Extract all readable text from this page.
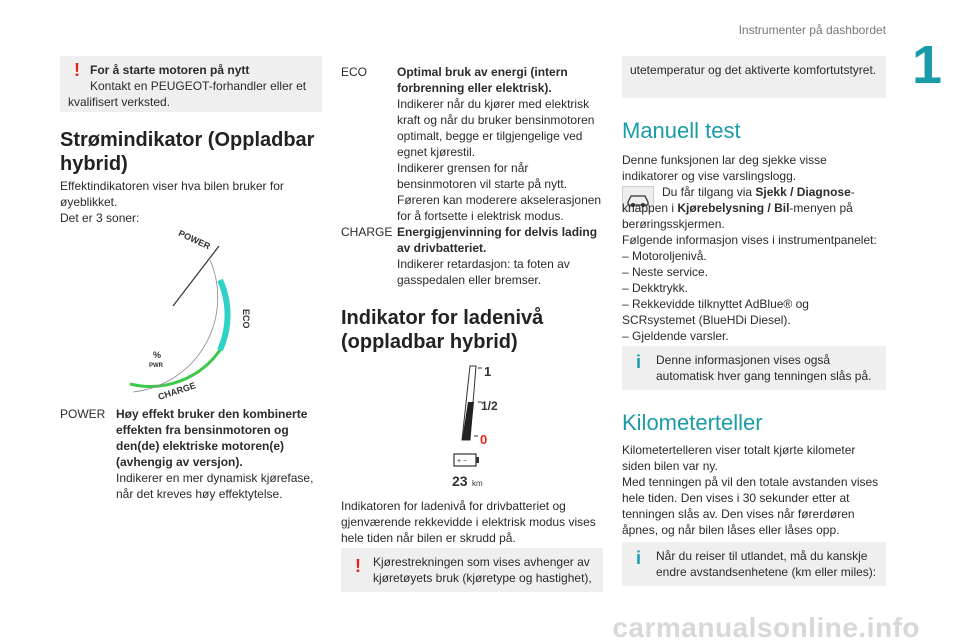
Instrumenter på dashbordet
1
! For å starte motoren på nytt
Kontakt en PEUGEOT-forhandler eller et kvalifisert verksted.
Strømindikator (Oppladbar hybrid)
Effektindikatoren viser hva bilen bruker for øyeblikket.
Det er 3 soner:
POWER
ECO
CHARGE
%
PWR
POWER Høy effekt bruker den kombinerte effekten fra bensinmotoren og den(de) elektriske motoren(e) (avhengig av versjon).
Indikerer en mer dynamisk kjørefase, når det kreves høy effektytelse.
ECO Optimal bruk av energi (intern forbrenning eller elektrisk).
Indikerer når du kjører med elektrisk kraft og når du bruker bensinmotoren optimalt, begge er tilgjengelige ved egnet kjørestil.
Indikerer grensen for når bensinmotoren vil starte på nytt. Føreren kan moderere akselerasjonen for å fortsette i elektrisk modus.
CHARGE Energigjenvinning for delvis lading av drivbatteriet.
Indikerer retardasjon: ta foten av gasspedalen eller bremser.
Indikator for ladenivå (oppladbar hybrid)
1
1/2
0
+ −
23 km
Indikatoren for ladenivå for drivbatteriet og gjenværende rekkevidde i elektrisk modus vises hele tiden når bilen er skrudd på.
! Kjørestrekningen som vises avhenger av kjøretøyets bruk (kjøretype og hastighet),
utetemperatur og det aktiverte komfortutstyret.
Manuell test
Denne funksjonen lar deg sjekke visse indikatorer og vise varslingslogg.
Du får tilgang via Sjekk / Diagnose-knappen i Kjørebelysning / Bil-menyen på berøringsskjermen.
Følgende informasjon vises i instrumentpanelet:
– Motoroljenivå.
– Neste service.
– Dekktrykk.
– Rekkevidde tilknyttet AdBlue® og SCRsystemet (BlueHDi Diesel).
– Gjeldende varsler.
i Denne informasjonen vises også automatisk hver gang tenningen slås på.
Kilometerteller
Kilometertelleren viser totalt kjørte kilometer siden bilen var ny.
Med tenningen på vil den totale avstanden vises hele tiden. Den vises i 30 sekunder etter at tenningen slås av. Den vises når førerdøren åpnes, og når bilen låses eller låses opp.
i Når du reiser til utlandet, må du kanskje endre avstandsenhetene (km eller miles):
carmanualsonline.info
